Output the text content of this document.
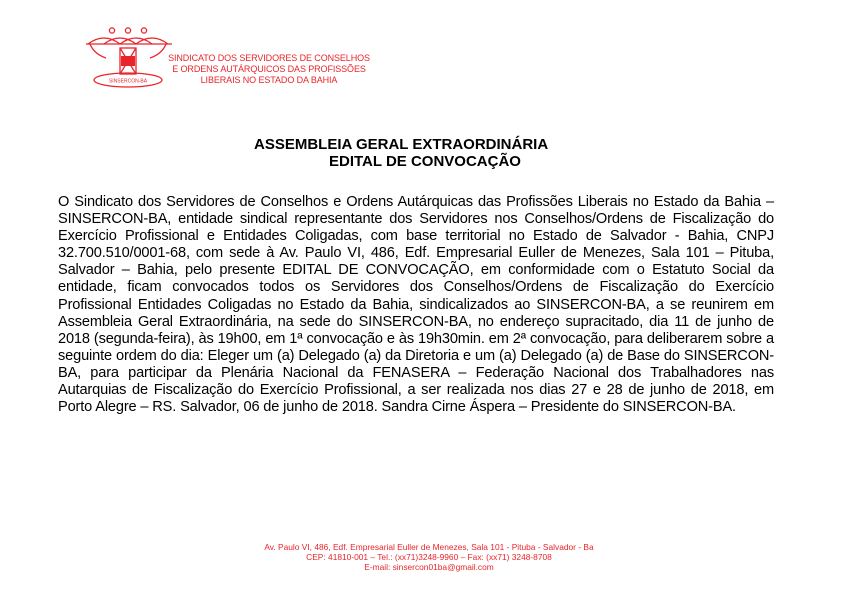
SINSERCON-BA
SINDICATO DOS SERVIDORES DE CONSELHOS
E ORDENS AUTÁRQUICOS DAS PROFISSÕES
LIBERAIS NO ESTADO DA BAHIA
ASSEMBLEIA GERAL EXTRAORDINÁRIA
EDITAL DE CONVOCAÇÃO
O Sindicato dos Servidores de Conselhos e Ordens Autárquicas das Profissões Liberais no Estado da Bahia – SINSERCON-BA, entidade sindical representante dos Servidores nos Conselhos/Ordens de Fiscalização do Exercício Profissional e Entidades Coligadas, com base territorial no Estado de Salvador - Bahia, CNPJ 32.700.510/0001-68, com sede à Av. Paulo VI, 486, Edf. Empresarial Euller de Menezes, Sala 101 – Pituba, Salvador – Bahia, pelo presente EDITAL DE CONVOCAÇÃO, em conformidade com o Estatuto Social da entidade, ficam convocados todos os Servidores dos Conselhos/Ordens de Fiscalização do Exercício Profissional Entidades Coligadas no Estado da Bahia, sindicalizados ao SINSERCON-BA, a se reunirem em Assembleia Geral Extraordinária, na sede do SINSERCON-BA, no endereço supracitado, dia 11 de junho de 2018 (segunda-feira), às 19h00, em 1ª convocação e às 19h30min. em 2ª convocação, para deliberarem sobre a seguinte ordem do dia: Eleger um (a) Delegado (a) da Diretoria e um (a) Delegado (a) de Base do SINSERCON-BA, para participar da Plenária Nacional da FENASERA – Federação Nacional dos Trabalhadores nas Autarquias de Fiscalização do Exercício Profissional, a ser realizada nos dias 27 e 28 de junho de 2018, em Porto Alegre – RS. Salvador, 06 de junho de 2018. Sandra Cirne Áspera – Presidente do SINSERCON-BA.
Av. Paulo VI, 486, Edf. Empresarial Euller de Menezes, Sala 101 - Pituba - Salvador - Ba
CEP: 41810-001 – Tel.: (xx71)3248-9960 – Fax: (xx71) 3248-8708
E-mail: sinsercon01ba@gmail.com
